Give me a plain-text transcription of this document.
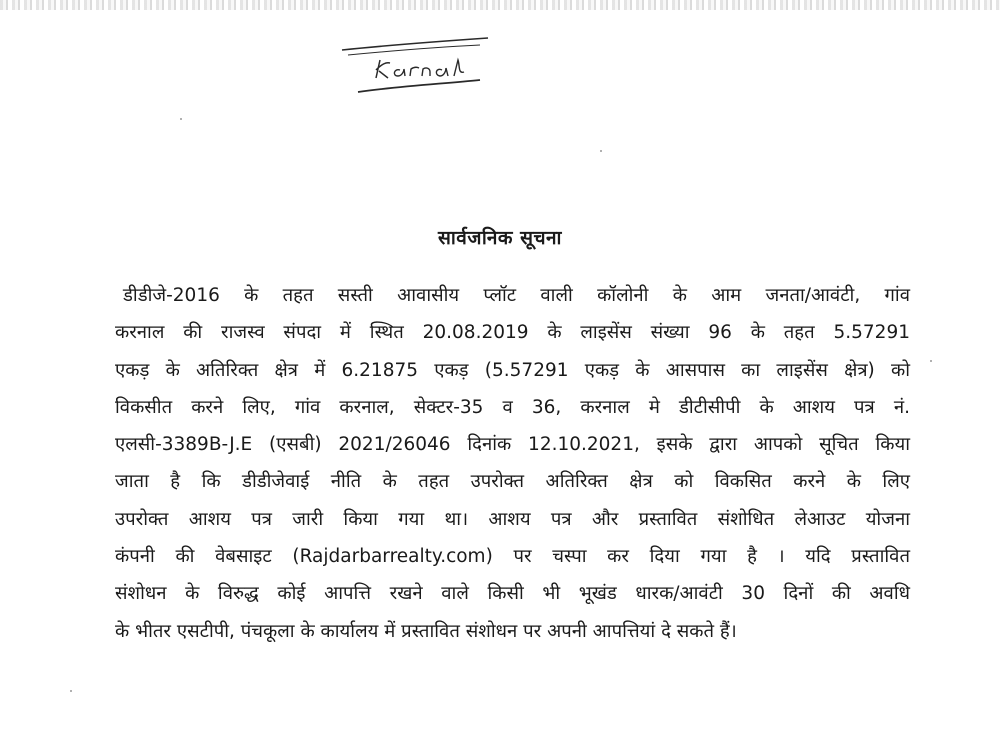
सार्वजनिक सूचना
डीडीजे-2016 के तहत सस्ती आवासीय प्लॉट वाली कॉलोनी के आम जनता/आवंटी, गांव
करनाल की राजस्व संपदा में स्थित 20.08.2019 के लाइसेंस संख्या 96 के तहत 5.57291
एकड़ के अतिरिक्त क्षेत्र में 6.21875 एकड़ (5.57291 एकड़ के आसपास का लाइसेंस क्षेत्र) को
विकसीत करने लिए, गांव करनाल, सेक्टर-35 व 36, करनाल मे डीटीसीपी के आशय पत्र नं.
एलसी-3389B-J.E (एसबी) 2021/26046 दिनांक 12.10.2021, इसके द्वारा आपको सूचित किया
जाता है कि डीडीजेवाई नीति के तहत उपरोक्त अतिरिक्त क्षेत्र को विकसित करने के लिए
उपरोक्त आशय पत्र जारी किया गया था। आशय पत्र और प्रस्तावित संशोधित लेआउट योजना
कंपनी की वेबसाइट (Rajdarbarrealty.com) पर चस्पा कर दिया गया है । यदि प्रस्तावित
संशोधन के विरुद्ध कोई आपत्ति रखने वाले किसी भी भूखंड धारक/आवंटी 30 दिनों की अवधि
के भीतर एसटीपी, पंचकूला के कार्यालय में प्रस्तावित संशोधन पर अपनी आपत्तियां दे सकते हैं।
